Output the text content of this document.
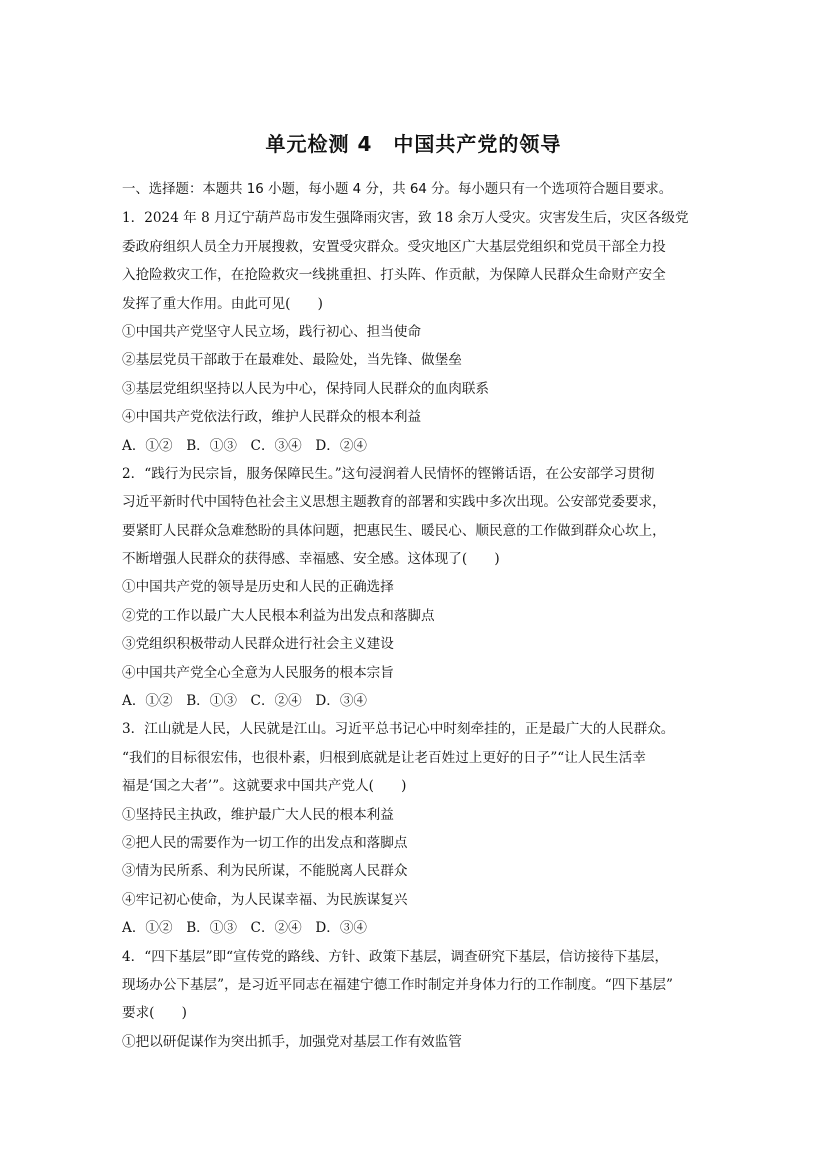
单元检测 4　中国共产党的领导
一、选择题：本题共 16 小题，每小题 4 分，共 64 分。每小题只有一个选项符合题目要求。
1．2024 年 8 月辽宁葫芦岛市发生强降雨灾害，致 18 余万人受灾。灾害发生后，灾区各级党
委政府组织人员全力开展搜救，安置受灾群众。受灾地区广大基层党组织和党员干部全力投
入抢险救灾工作，在抢险救灾一线挑重担、打头阵、作贡献，为保障人民群众生命财产安全
发挥了重大作用。由此可见(　　)
①中国共产党坚守人民立场，践行初心、担当使命
②基层党员干部敢于在最难处、最险处，当先锋、做堡垒
③基层党组织坚持以人民为中心，保持同人民群众的血肉联系
④中国共产党依法行政，维护人民群众的根本利益
A．①②　B．①③　C．③④　D．②④
2．“践行为民宗旨，服务保障民生。”这句浸润着人民情怀的铿锵话语，在公安部学习贯彻
习近平新时代中国特色社会主义思想主题教育的部署和实践中多次出现。公安部党委要求，
要紧盯人民群众急难愁盼的具体问题，把惠民生、暖民心、顺民意的工作做到群众心坎上，
不断增强人民群众的获得感、幸福感、安全感。这体现了(　　)
①中国共产党的领导是历史和人民的正确选择
②党的工作以最广大人民根本利益为出发点和落脚点
③党组织积极带动人民群众进行社会主义建设
④中国共产党全心全意为人民服务的根本宗旨
A．①②　B．①③　C．②④　D．③④
3．江山就是人民，人民就是江山。习近平总书记心中时刻牵挂的，正是最广大的人民群众。
“我们的目标很宏伟，也很朴素，归根到底就是让老百姓过上更好的日子”“让人民生活幸
福是‘国之大者’”。这就要求中国共产党人(　　)
①坚持民主执政，维护最广大人民的根本利益
②把人民的需要作为一切工作的出发点和落脚点
③情为民所系、利为民所谋，不能脱离人民群众
④牢记初心使命，为人民谋幸福、为民族谋复兴
A．①②　B．①③　C．②④　D．③④
4．“四下基层”即“宣传党的路线、方针、政策下基层，调查研究下基层，信访接待下基层，
现场办公下基层”，是习近平同志在福建宁德工作时制定并身体力行的工作制度。“四下基层”
要求(　　)
①把以研促谋作为突出抓手，加强党对基层工作有效监管
